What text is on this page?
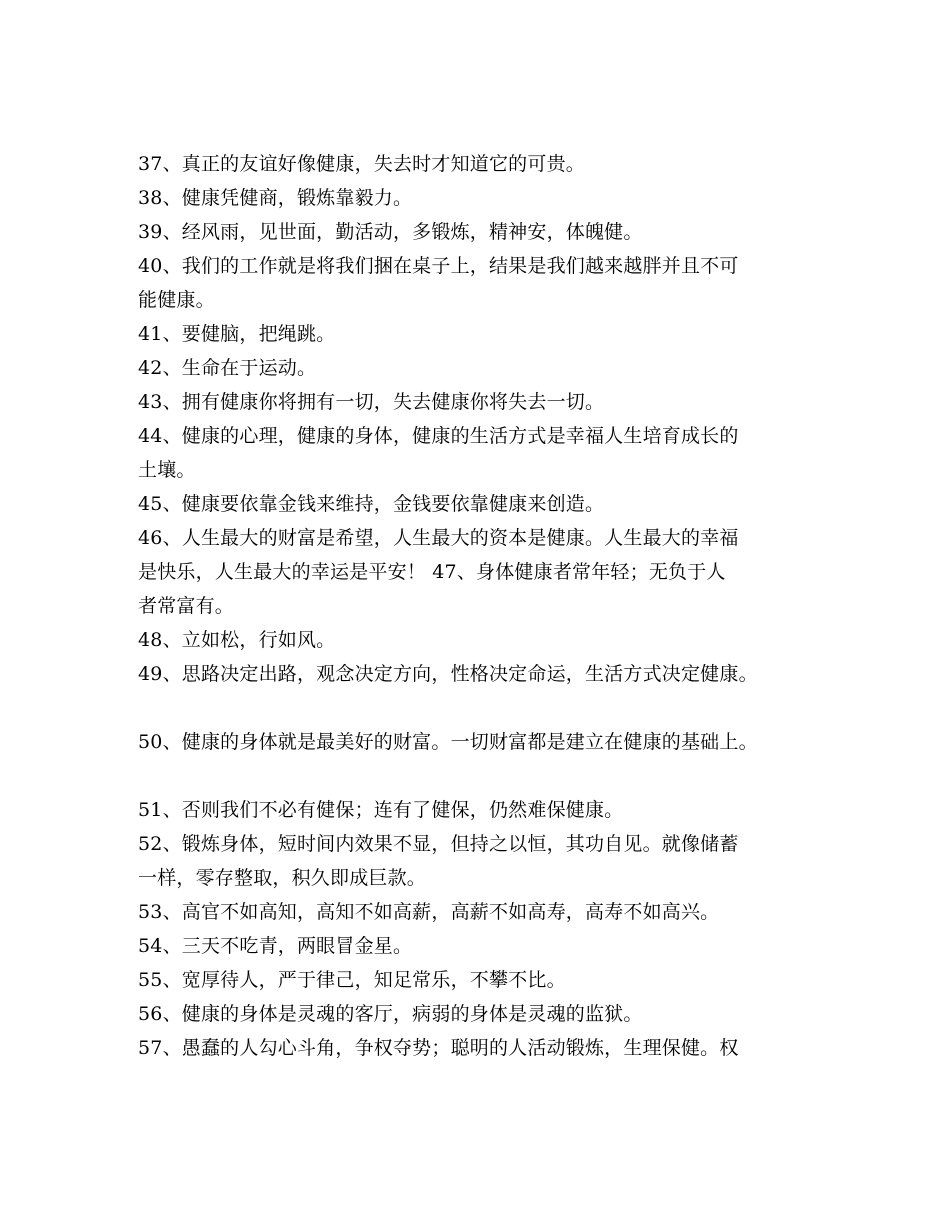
37、真正的友谊好像健康，失去时才知道它的可贵。

38、健康凭健商，锻炼靠毅力。

39、经风雨，见世面，勤活动，多锻炼，精神安，体魄健。

40、我们的工作就是将我们捆在桌子上，结果是我们越来越胖并且不可

能健康。

41、要健脑，把绳跳。

42、生命在于运动。

43、拥有健康你将拥有一切，失去健康你将失去一切。

44、健康的心理，健康的身体，健康的生活方式是幸福人生培育成长的

土壤。

45、健康要依靠金钱来维持，金钱要依靠健康来创造。

46、人生最大的财富是希望，人生最大的资本是健康。人生最大的幸福

是快乐，人生最大的幸运是平安！ 47、身体健康者常年轻；无负于人

者常富有。

48、立如松，行如风。

49、思路决定出路，观念决定方向，性格决定命运，生活方式决定健康。

50、健康的身体就是最美好的财富。一切财富都是建立在健康的基础上。

51、否则我们不必有健保；连有了健保，仍然难保健康。

52、锻炼身体，短时间内效果不显，但持之以恒，其功自见。就像储蓄

一样，零存整取，积久即成巨款。

53、高官不如高知，高知不如高薪，高薪不如高寿，高寿不如高兴。

54、三天不吃青，两眼冒金星。

55、宽厚待人，严于律己，知足常乐，不攀不比。

56、健康的身体是灵魂的客厅，病弱的身体是灵魂的监狱。

57、愚蠢的人勾心斗角，争权夺势；聪明的人活动锻炼，生理保健。权
